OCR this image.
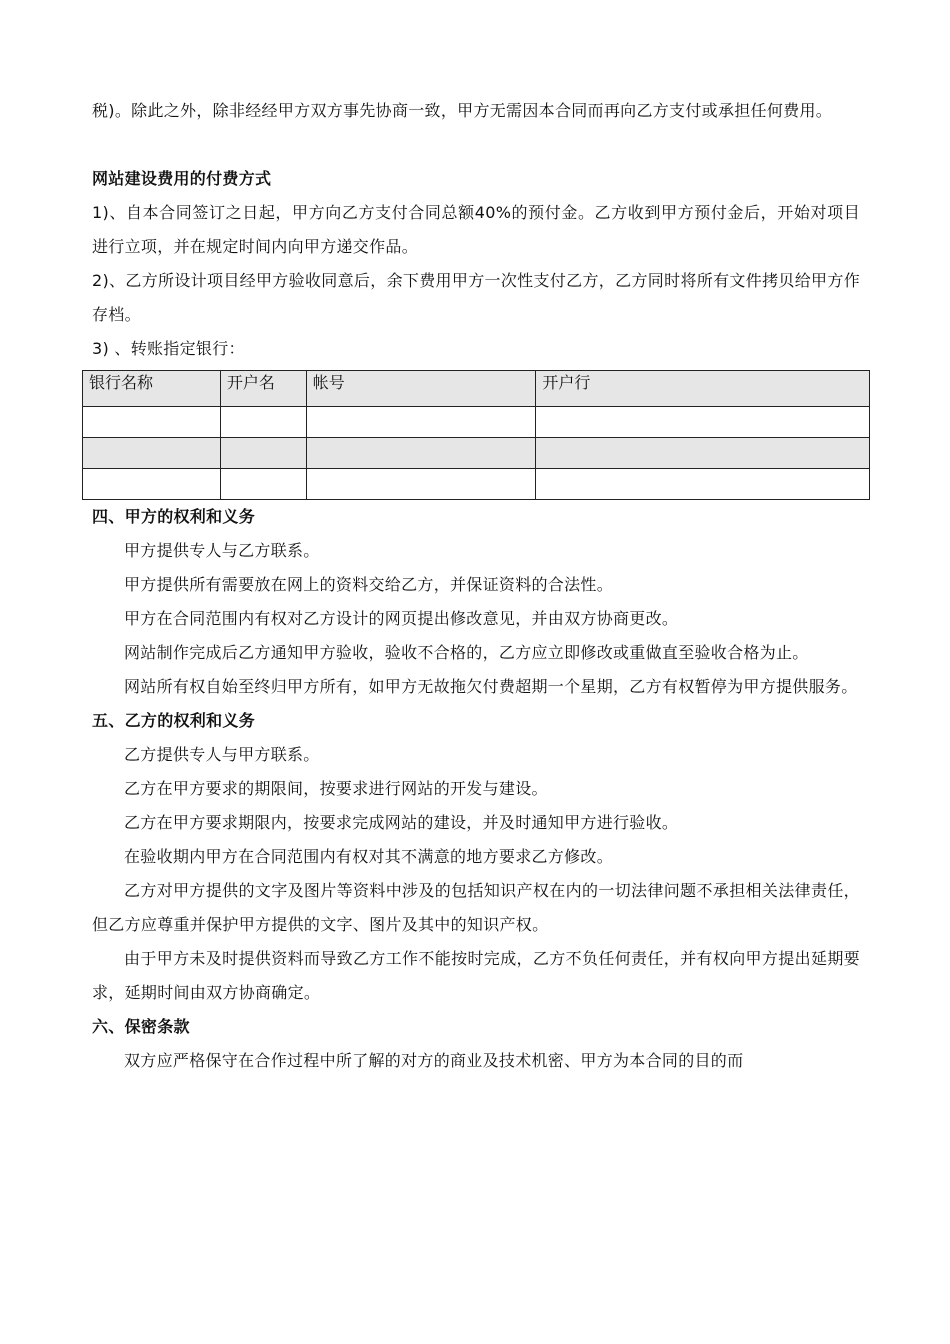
税)。除此之外，除非经经甲方双方事先协商一致，甲方无需因本合同而再向乙方支付或承担任何费用。

网站建设费用的付费方式

1)、自本合同签订之日起，甲方向乙方支付合同总额40%的预付金。乙方收到甲方预付金后，开始对项目进行立项，并在规定时间内向甲方递交作品。

2)、乙方所设计项目经甲方验收同意后，余下费用甲方一次性支付乙方，乙方同时将所有文件拷贝给甲方作存档。

3) 、转账指定银行：

银行名称	开户名	帐号	开户行

四、甲方的权利和义务

甲方提供专人与乙方联系。

甲方提供所有需要放在网上的资料交给乙方，并保证资料的合法性。

甲方在合同范围内有权对乙方设计的网页提出修改意见，并由双方协商更改。

网站制作完成后乙方通知甲方验收，验收不合格的，乙方应立即修改或重做直至验收合格为止。

网站所有权自始至终归甲方所有，如甲方无故拖欠付费超期一个星期，乙方有权暂停为甲方提供服务。

五、乙方的权利和义务

乙方提供专人与甲方联系。

乙方在甲方要求的期限间，按要求进行网站的开发与建设。

乙方在甲方要求期限内，按要求完成网站的建设，并及时通知甲方进行验收。

在验收期内甲方在合同范围内有权对其不满意的地方要求乙方修改。

乙方对甲方提供的文字及图片等资料中涉及的包括知识产权在内的一切法律问题不承担相关法律责任，但乙方应尊重并保护甲方提供的文字、图片及其中的知识产权。

由于甲方未及时提供资料而导致乙方工作不能按时完成，乙方不负任何责任，并有权向甲方提出延期要求，延期时间由双方协商确定。

六、保密条款

双方应严格保守在合作过程中所了解的对方的商业及技术机密、甲方为本合同的目的而
